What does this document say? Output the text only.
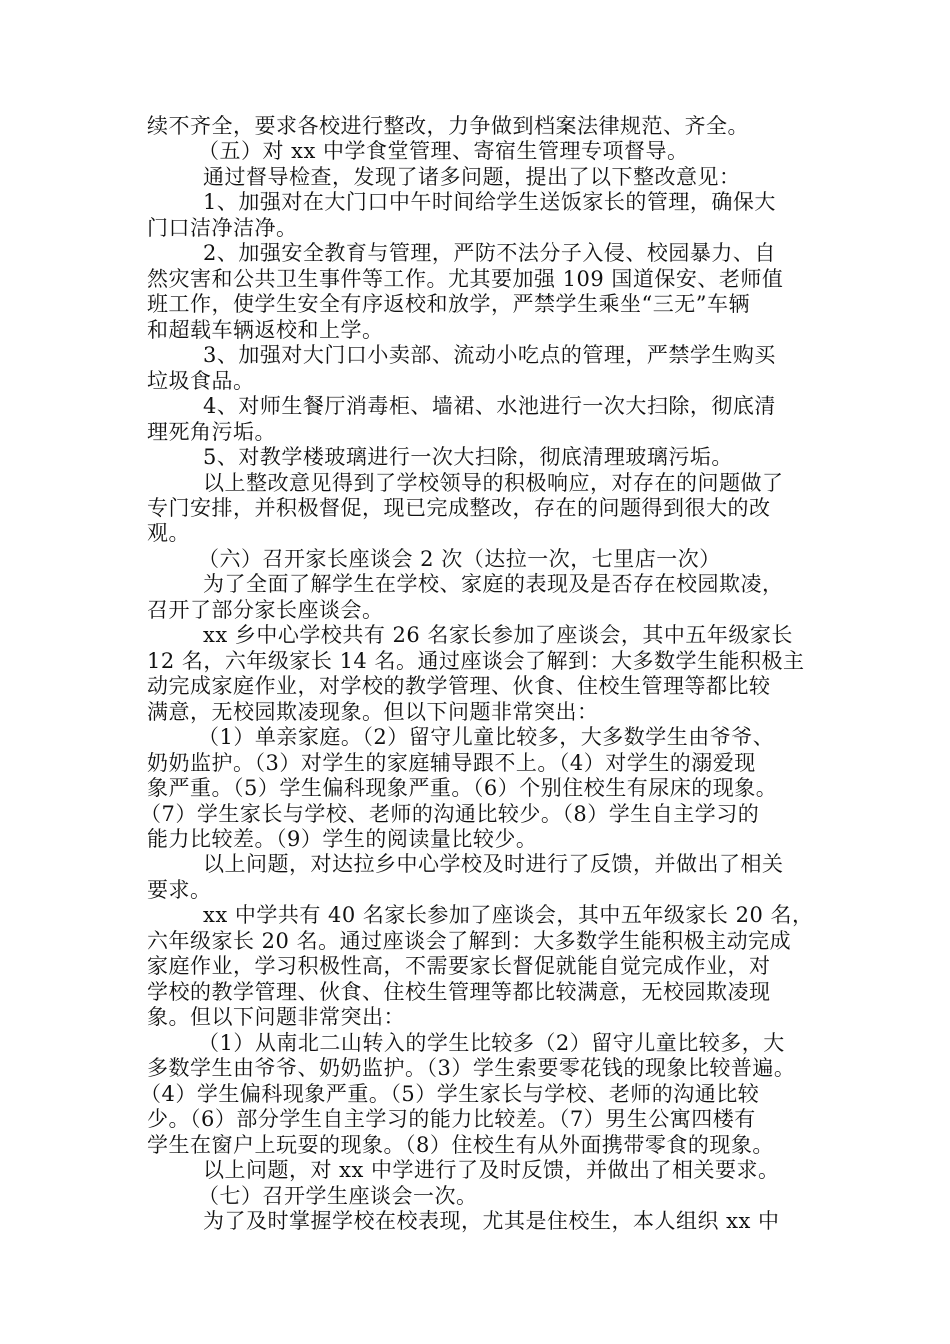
续不齐全，要求各校进行整改，力争做到档案法律规范、齐全。
（五）对 xx 中学食堂管理、寄宿生管理专项督导。
通过督导检查，发现了诸多问题，提出了以下整改意见：
1、加强对在大门口中午时间给学生送饭家长的管理，确保大
门口洁净洁净。
2、加强安全教育与管理，严防不法分子入侵、校园暴力、自
然灾害和公共卫生事件等工作。尤其要加强 109 国道保安、老师值
班工作，使学生安全有序返校和放学，严禁学生乘坐“三无”车辆
和超载车辆返校和上学。
3、加强对大门口小卖部、流动小吃点的管理，严禁学生购买
垃圾食品。
4、对师生餐厅消毒柜、墙裙、水池进行一次大扫除，彻底清
理死角污垢。
5、对教学楼玻璃进行一次大扫除，彻底清理玻璃污垢。
以上整改意见得到了学校领导的积极响应，对存在的问题做了
专门安排，并积极督促，现已完成整改，存在的问题得到很大的改
观。
（六）召开家长座谈会 2 次（达拉一次，七里店一次）
为了全面了解学生在学校、家庭的表现及是否存在校园欺凌，
召开了部分家长座谈会。
xx 乡中心学校共有 26 名家长参加了座谈会，其中五年级家长
12 名，六年级家长 14 名。通过座谈会了解到：大多数学生能积极主
动完成家庭作业，对学校的教学管理、伙食、住校生管理等都比较
满意，无校园欺凌现象。但以下问题非常突出：
（1）单亲家庭。（2）留守儿童比较多，大多数学生由爷爷、
奶奶监护。（3）对学生的家庭辅导跟不上。（4）对学生的溺爱现
象严重。（5）学生偏科现象严重。（6）个别住校生有尿床的现象。
（7）学生家长与学校、老师的沟通比较少。（8）学生自主学习的
能力比较差。（9）学生的阅读量比较少。
以上问题，对达拉乡中心学校及时进行了反馈，并做出了相关
要求。
xx 中学共有 40 名家长参加了座谈会，其中五年级家长 20 名，
六年级家长 20 名。通过座谈会了解到：大多数学生能积极主动完成
家庭作业，学习积极性高，不需要家长督促就能自觉完成作业，对
学校的教学管理、伙食、住校生管理等都比较满意，无校园欺凌现
象。但以下问题非常突出：
（1）从南北二山转入的学生比较多（2）留守儿童比较多，大
多数学生由爷爷、奶奶监护。（3）学生索要零花钱的现象比较普遍。
（4）学生偏科现象严重。（5）学生家长与学校、老师的沟通比较
少。（6）部分学生自主学习的能力比较差。（7）男生公寓四楼有
学生在窗户上玩耍的现象。（8）住校生有从外面携带零食的现象。
以上问题，对 xx 中学进行了及时反馈，并做出了相关要求。
（七）召开学生座谈会一次。
为了及时掌握学校在校表现，尤其是住校生，本人组织 xx 中
